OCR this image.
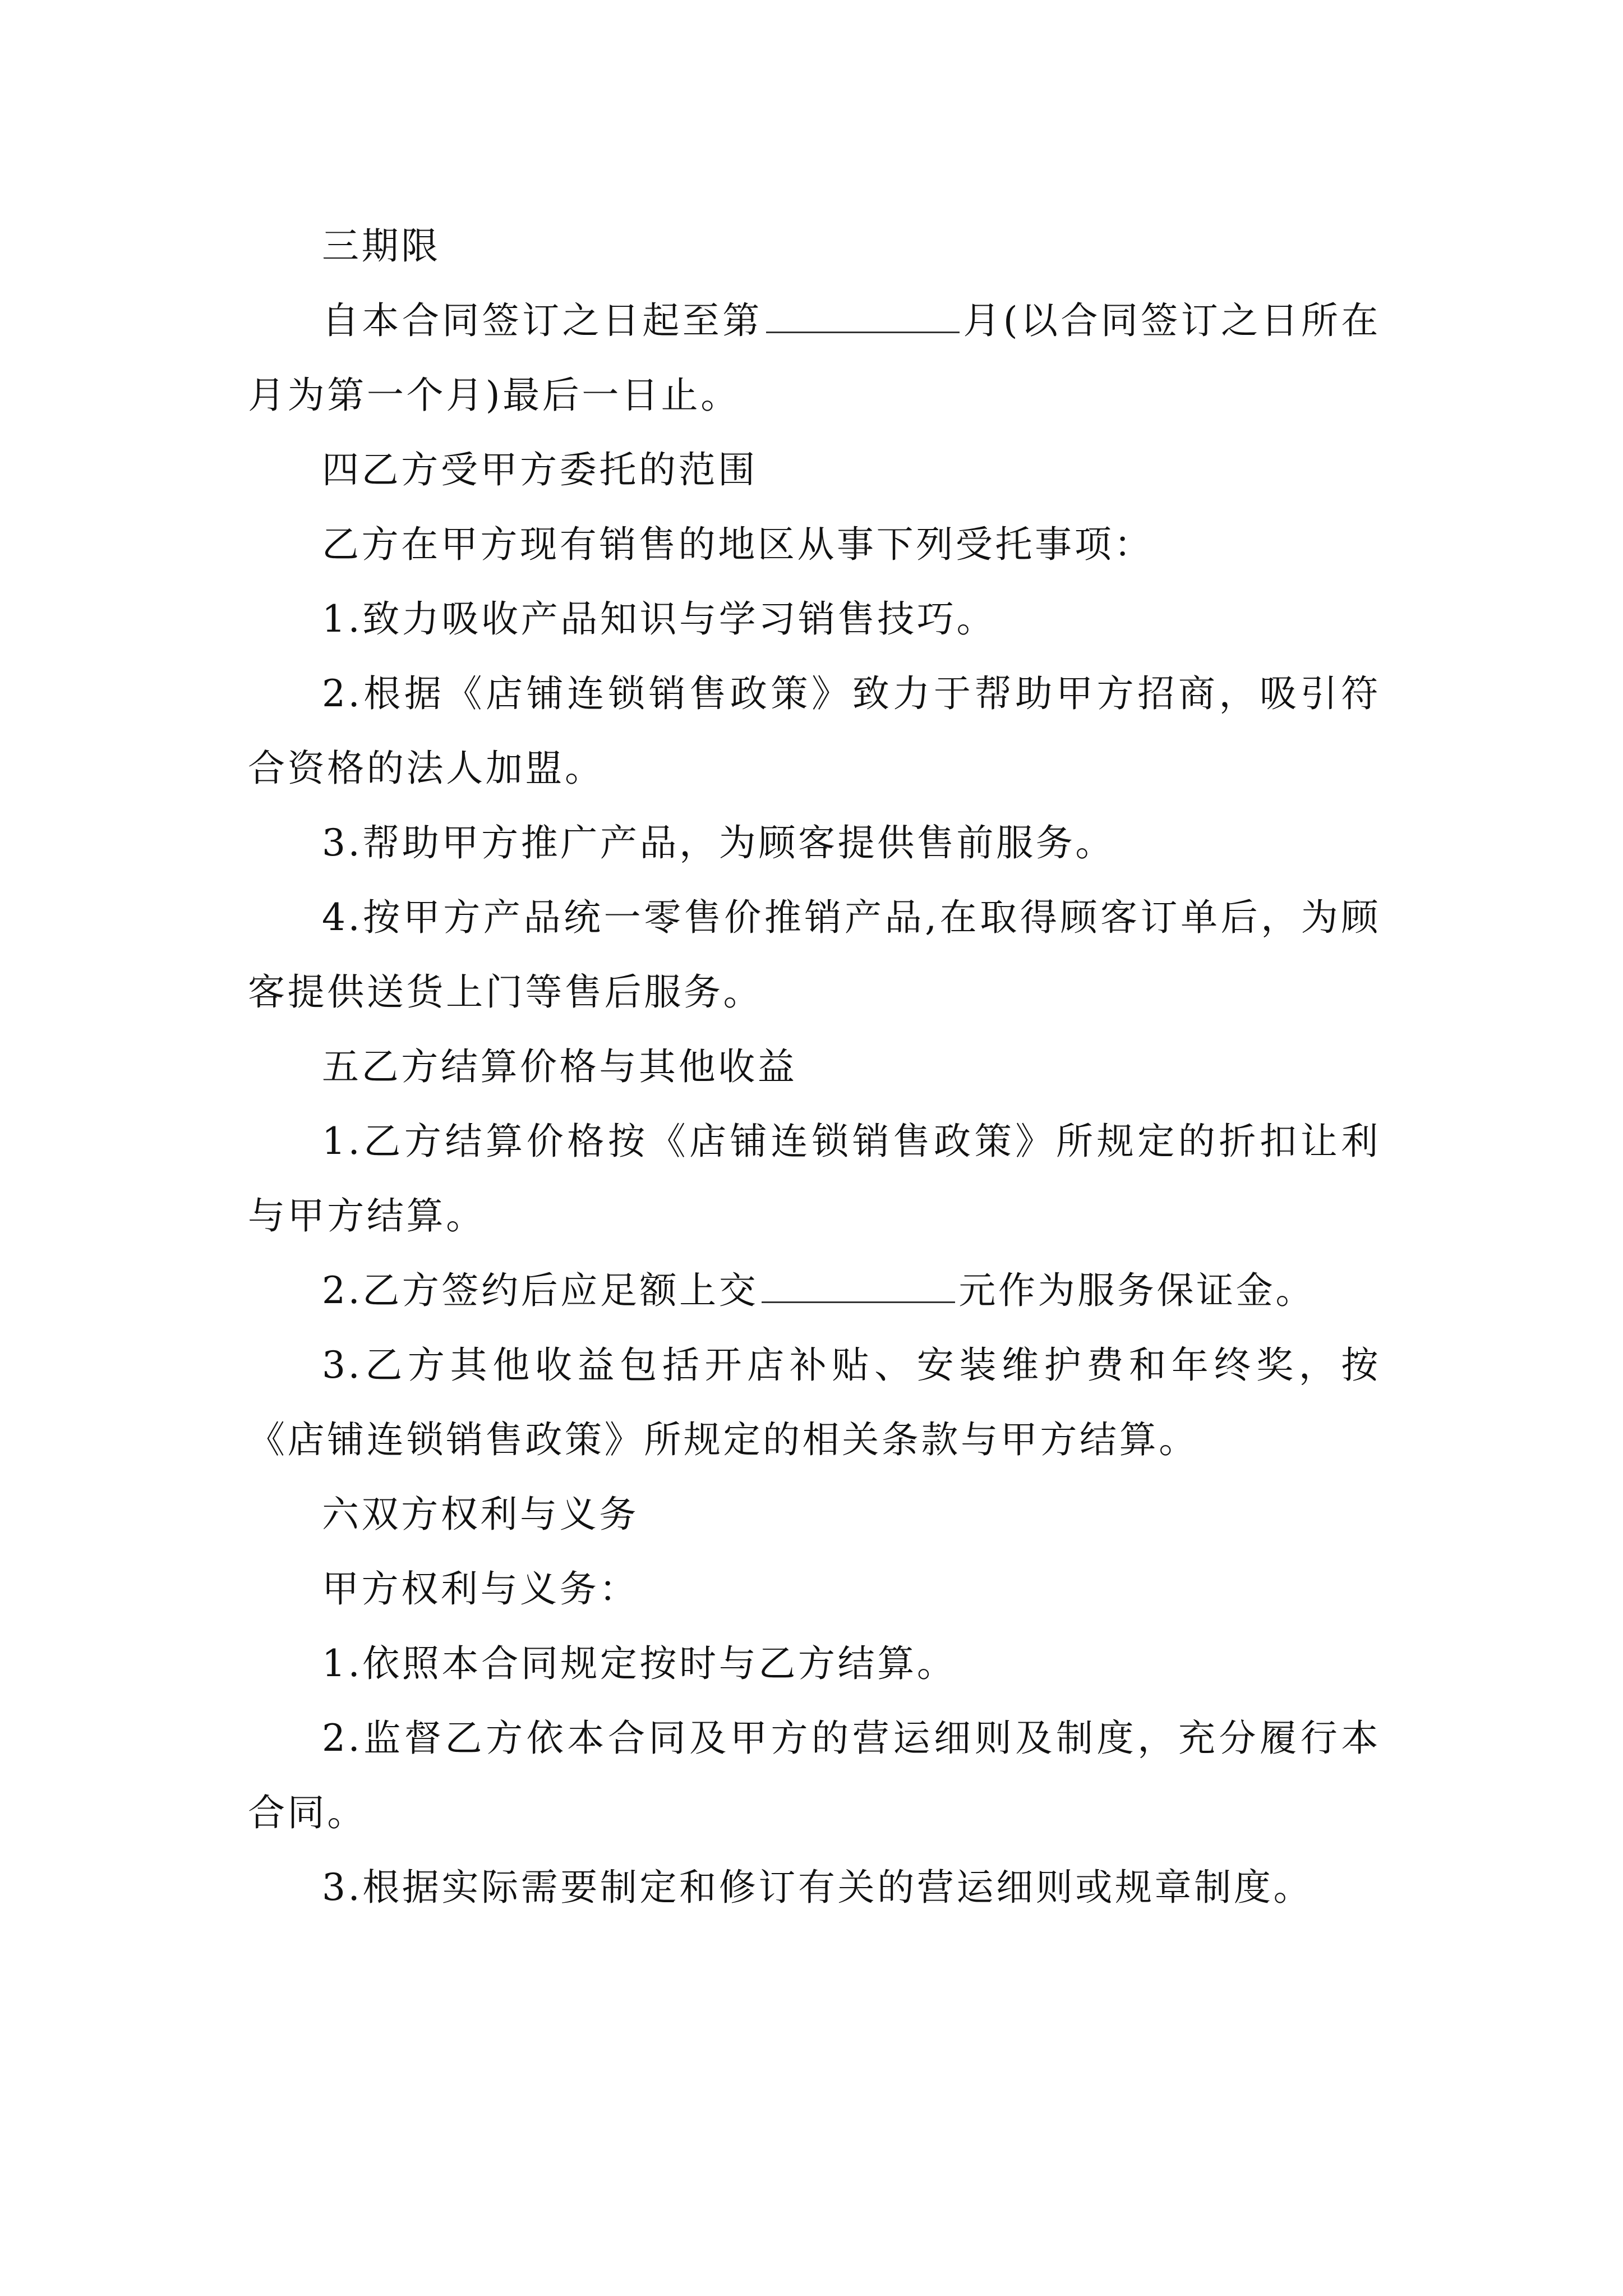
三期限

自本合同签订之日起至第	月(以合同签订之日所在月为第一个月)最后一日止。

四乙方受甲方委托的范围

乙方在甲方现有销售的地区从事下列受托事项：

1.致力吸收产品知识与学习销售技巧。

2.根据《店铺连锁销售政策》致力于帮助甲方招商，吸引符合资格的法人加盟。

3.帮助甲方推广产品，为顾客提供售前服务。

4.按甲方产品统一零售价推销产品,在取得顾客订单后，为顾客提供送货上门等售后服务。

五乙方结算价格与其他收益

1.乙方结算价格按《店铺连锁销售政策》所规定的折扣让利与甲方结算。

2.乙方签约后应足额上交	元作为服务保证金。

3.乙方其他收益包括开店补贴、安装维护费和年终奖，按《店铺连锁销售政策》所规定的相关条款与甲方结算。

六双方权利与义务

甲方权利与义务：

1.依照本合同规定按时与乙方结算。

2.监督乙方依本合同及甲方的营运细则及制度，充分履行本合同。

3.根据实际需要制定和修订有关的营运细则或规章制度。
